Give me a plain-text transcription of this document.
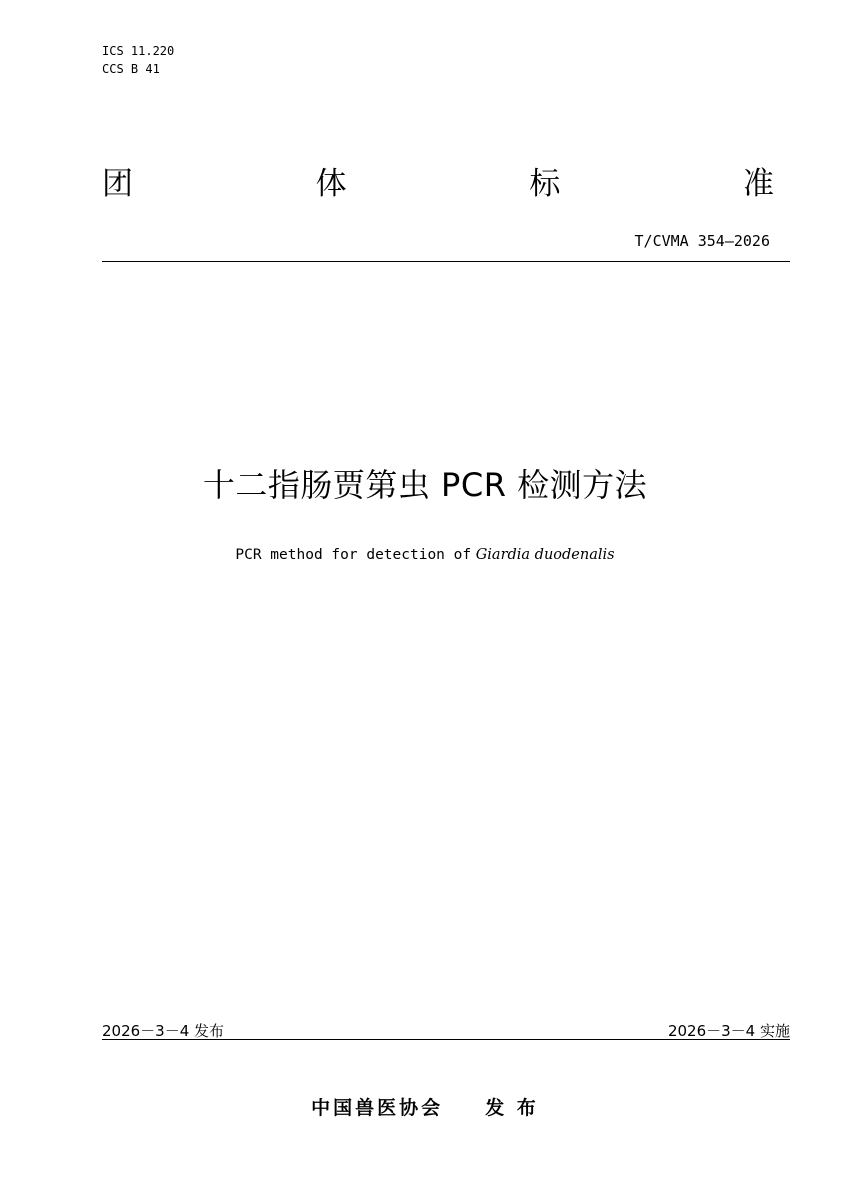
ICS 11.220
CCS B 41
团	体	标	准
T/CVMA 354—2026
十二指肠贾第虫 PCR 检测方法
PCR method for detection of Giardia duodenalis
2026－3－4 发布	2026－3－4 实施
中国兽医协会 发 布
